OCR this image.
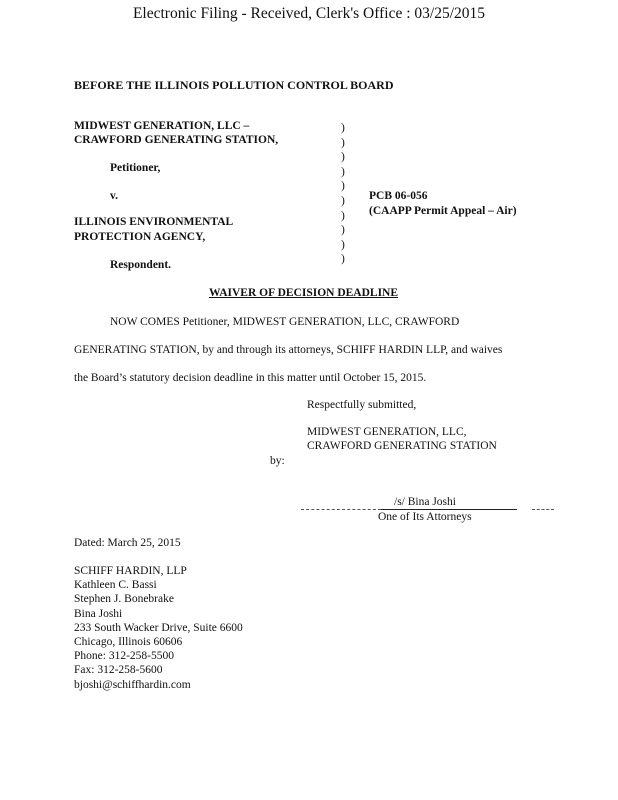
Electronic Filing - Received, Clerk's Office : 03/25/2015
BEFORE THE ILLINOIS POLLUTION CONTROL BOARD
MIDWEST GENERATION, LLC –
CRAWFORD GENERATING STATION,
Petitioner,
v.
ILLINOIS ENVIRONMENTAL
PROTECTION AGENCY,
Respondent.
)
)
)
)
)
)
)
)
)
)
PCB 06-056
(CAAPP Permit Appeal – Air)
WAIVER OF DECISION DEADLINE
NOW COMES Petitioner, MIDWEST GENERATION, LLC, CRAWFORD
GENERATING STATION, by and through its attorneys, SCHIFF HARDIN LLP, and waives
the Board’s statutory decision deadline in this matter until October 15, 2015.
Respectfully submitted,
MIDWEST GENERATION, LLC,
CRAWFORD GENERATING STATION
by:
/s/ Bina Joshi
One of Its Attorneys
Dated: March 25, 2015
SCHIFF HARDIN, LLP
Kathleen C. Bassi
Stephen J. Bonebrake
Bina Joshi
233 South Wacker Drive, Suite 6600
Chicago, Illinois 60606
Phone: 312-258-5500
Fax: 312-258-5600
bjoshi@schiffhardin.com
